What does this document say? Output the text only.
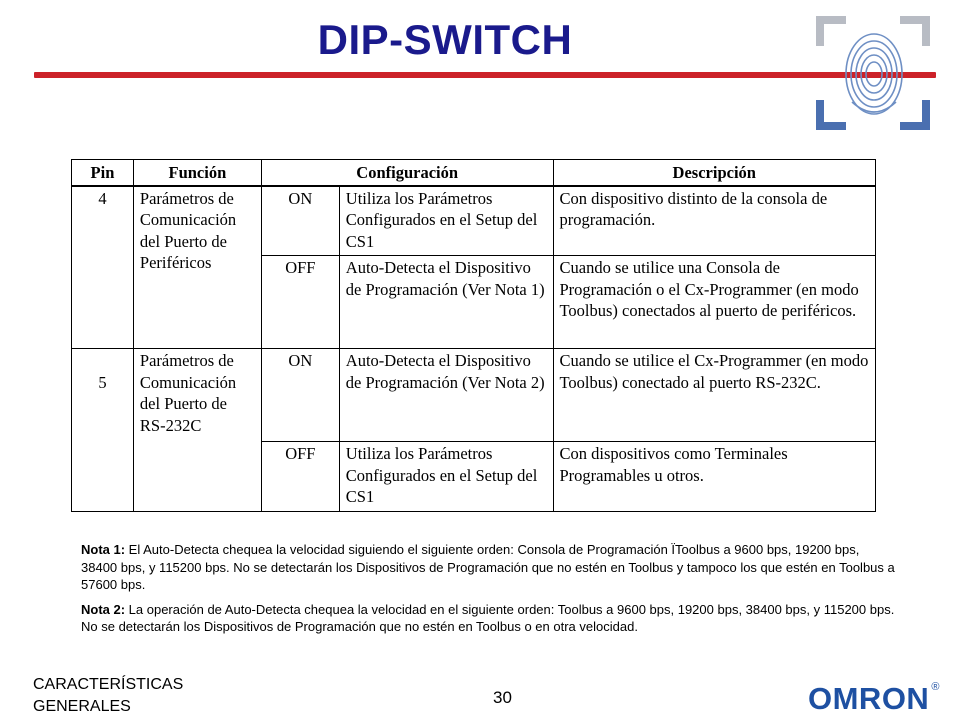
DIP-SWITCH
Pin	Función	Configuración		Descripción
4	Parámetros de Comunicación del Puerto de Periféricos	ON	Utiliza los Parámetros Configurados en el Setup del CS1	Con dispositivo distinto de la consola de programación.
		OFF	Auto-Detecta el Dispositivo de Programación (Ver Nota 1)	Cuando se utilice una Consola de Programación o el Cx-Programmer (en modo Toolbus) conectados al puerto de periféricos.

5	Parámetros de Comunicación del Puerto de RS-232C	ON	Auto-Detecta el Dispositivo de Programación (Ver Nota 2)	Cuando se utilice el Cx-Programmer (en modo Toolbus) conectado al puerto RS-232C.
		OFF	Utiliza los Parámetros Configurados en el Setup del CS1	Con dispositivos como Terminales Programables u otros.

Nota 1: El Auto-Detecta chequea la velocidad siguiendo el siguiente orden: Consola de Programación ΪToolbus a 9600 bps, 19200 bps, 38400 bps, y 115200 bps. No se detectarán los Dispositivos de Programación que no estén en Toolbus y tampoco los que estén en Toolbus a 57600 bps.

Nota 2: La operación de Auto-Detecta chequea la velocidad en el siguiente orden: Toolbus a 9600 bps, 19200 bps, 38400 bps, y 115200 bps. No se detectarán los Dispositivos de Programación que no estén en Toolbus o en otra velocidad.

CARACTERÍSTICAS
GENERALES	30	OMRON ®
